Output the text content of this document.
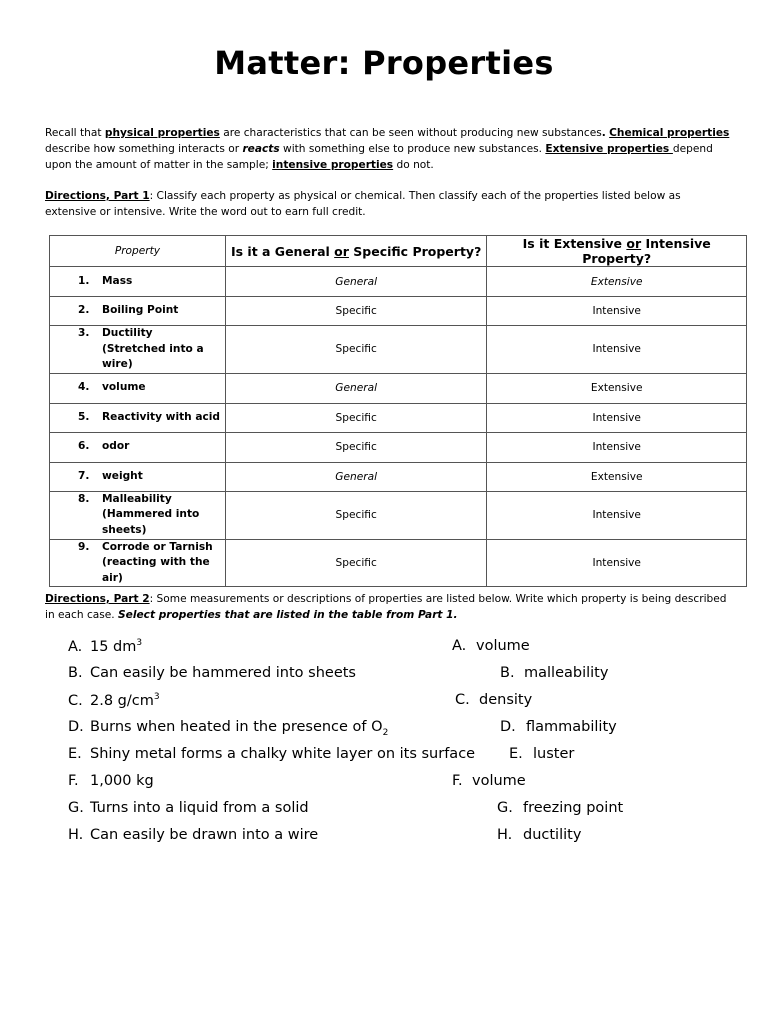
Matter: Properties
Recall that physical properties are characteristics that can be seen without producing new substances. Chemical properties describe how something interacts or reacts with something else to produce new substances. Extensive properties depend upon the amount of matter in the sample; intensive properties do not.
Directions, Part 1: Classify each property as physical or chemical. Then classify each of the properties listed below as extensive or intensive. Write the word out to earn full credit.
Property	Is it a General or Specific Property?	Is it Extensive or Intensive Property?
1. Mass	General	Extensive
2. Boiling Point	Specific	Intensive
3. Ductility
(Stretched into a wire)	Specific	Intensive
4. volume	General	Extensive
5. Reactivity with acid	Specific	Intensive
6. odor	Specific	Intensive
7. weight	General	Extensive
8. Malleability
(Hammered into
sheets)	Specific	Intensive
9. Corrode or Tarnish
(reacting with the air)	Specific	Intensive
Directions, Part 2: Some measurements or descriptions of properties are listed below. Write which property is being described in each case. Select properties that are listed in the table from Part 1.
A. 15 $dm^3$	A. volume
B. Can easily be hammered into sheets	B. malleability
C. 2.8 $g/cm^3$	C. density
D. Burns when heated in the presence of $O_2$	D. flammability
E. Shiny metal forms a chalky white layer on its surface E. luster
F. 1,000 kg	F. volume
G. Turns into a liquid from a solid	G. freezing point
H. Can easily be drawn into a wire	H. ductility
